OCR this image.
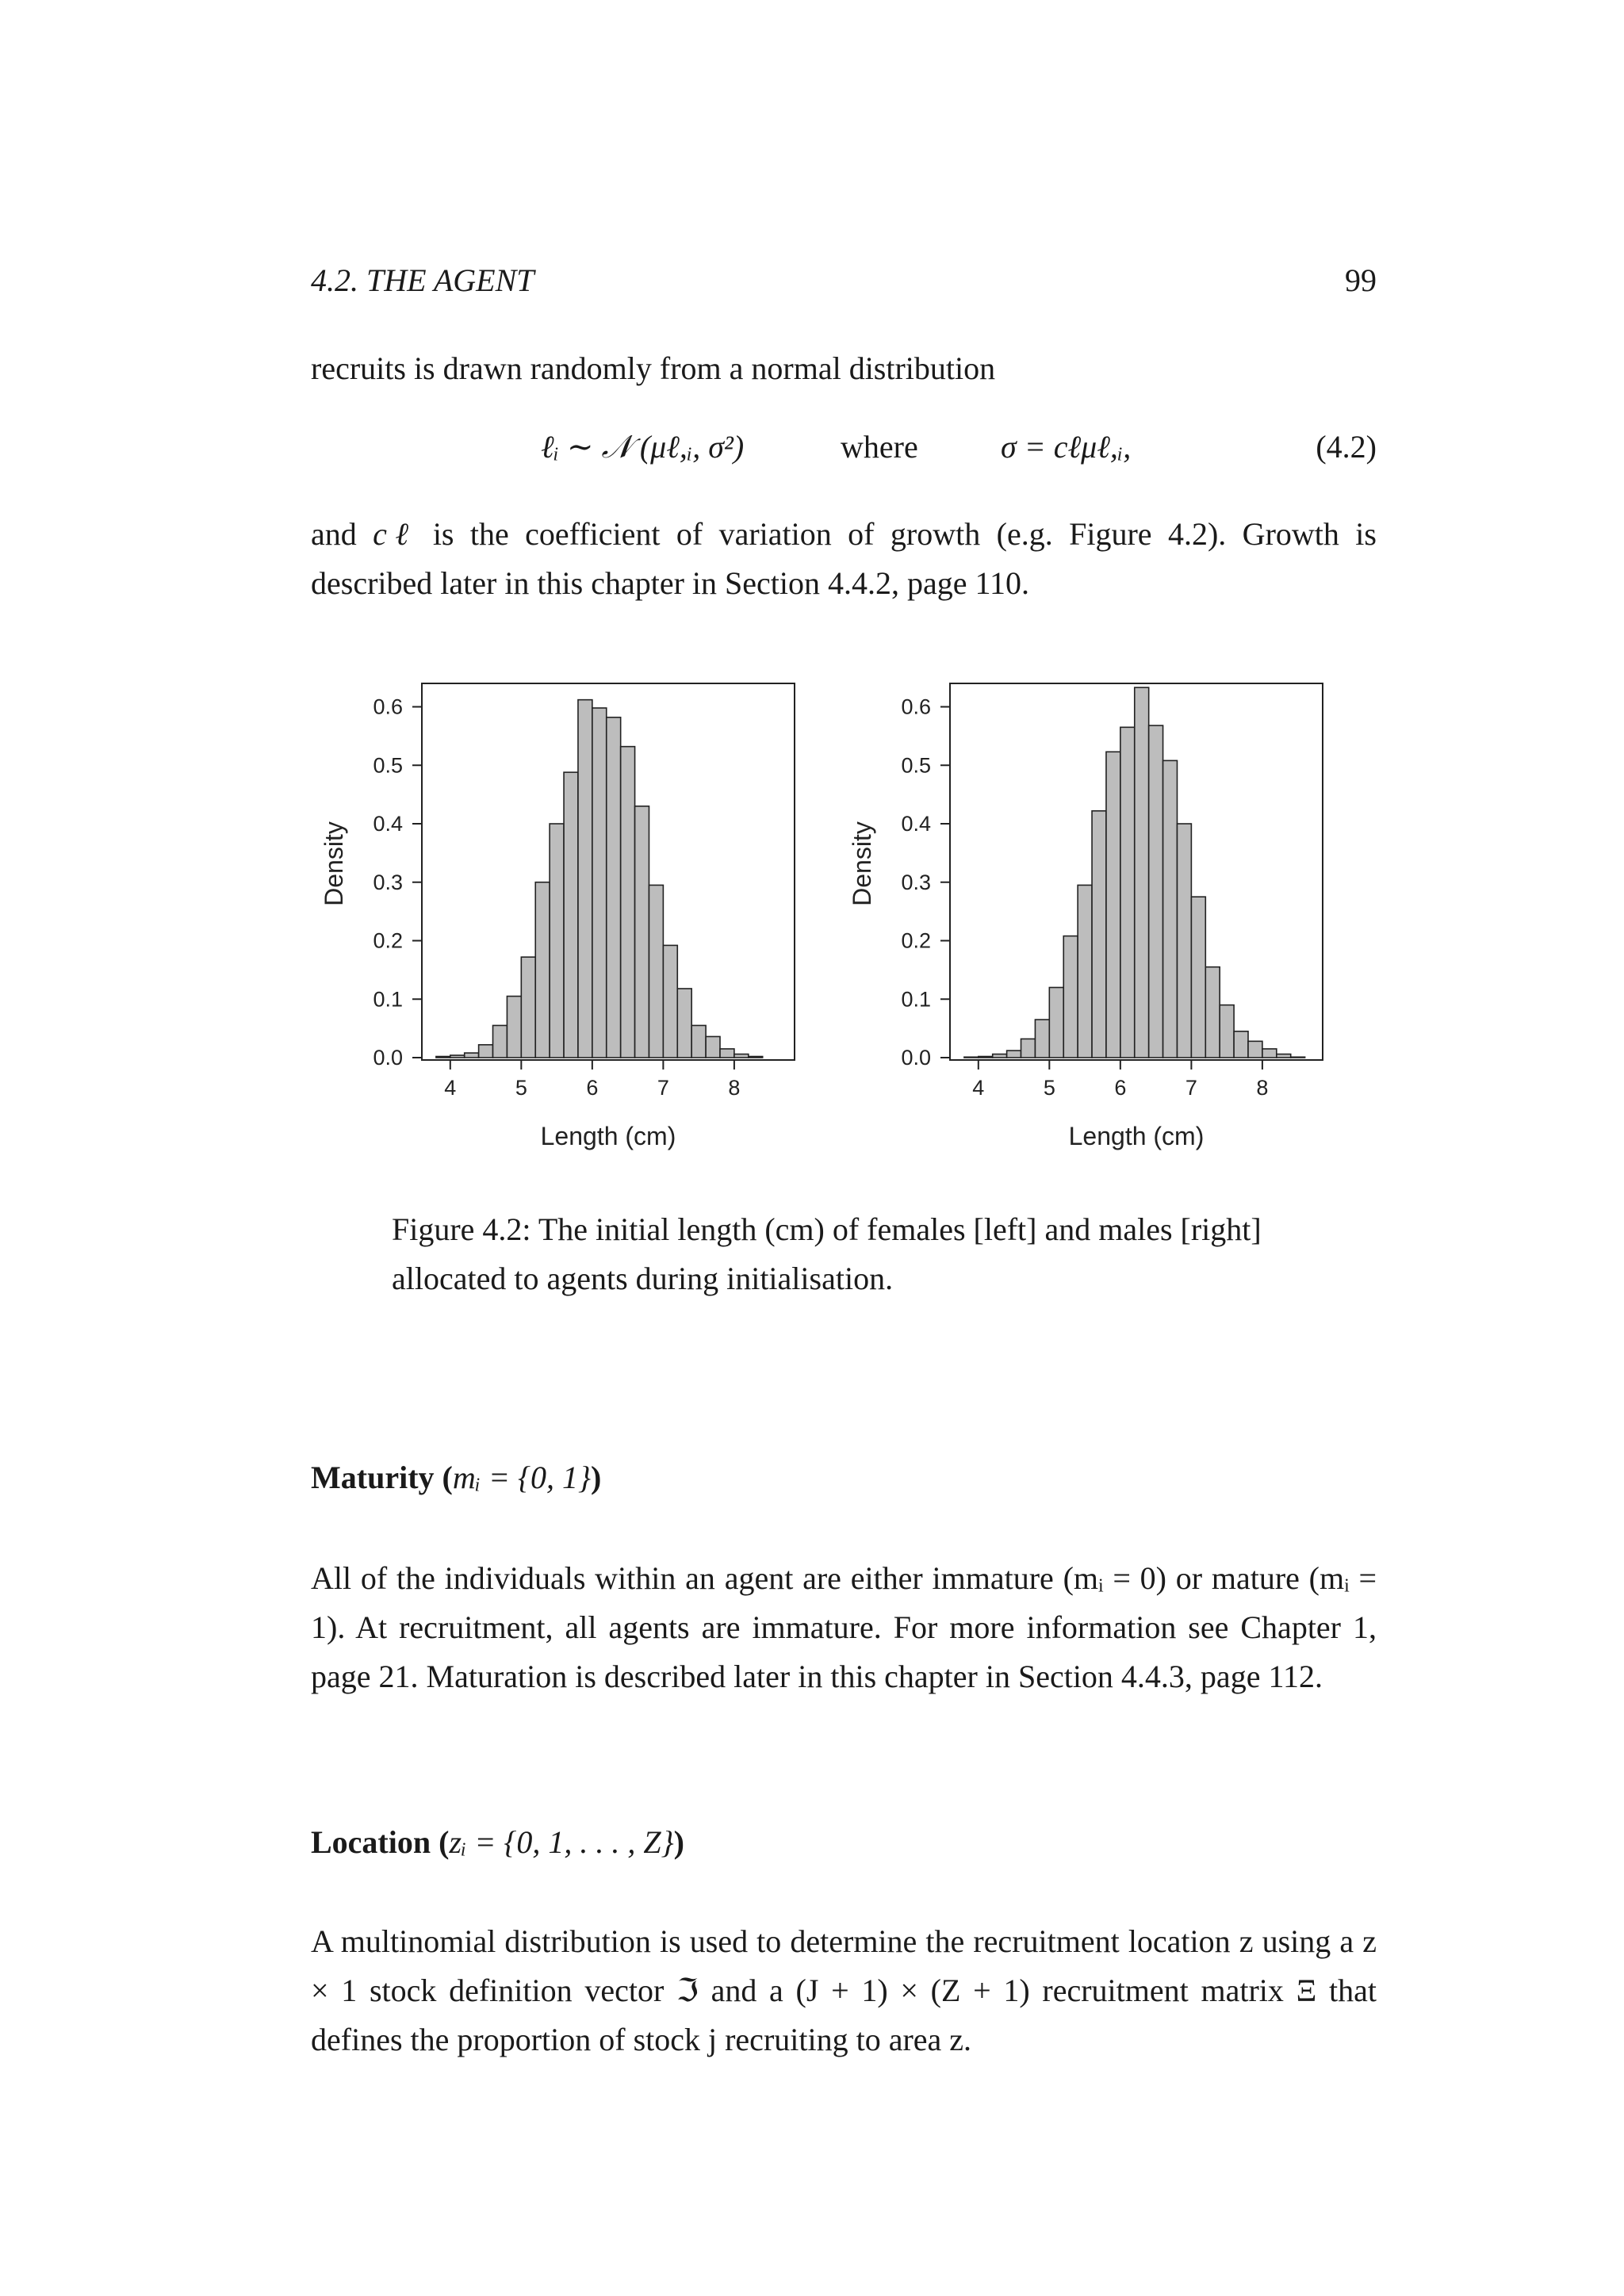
4.2. THE AGENT	99

recruits is drawn randomly from a normal distribution

ℓᵢ ∼ 𝒩 (μℓ,ᵢ, σ²)	where	σ = cℓμℓ,ᵢ,	(4.2)

and cℓ is the coefficient of variation of growth (e.g. Figure 4.2). Growth is described later in this chapter in Section 4.4.2, page 110.

0.0
0.1
0.2
0.3
0.4
0.5
0.6
4	5	6	7	8
Length (cm)
Density
0.0
0.1
0.2
0.3
0.4
0.5
0.6
4	5	6	7	8
Length (cm)
Density
Figure 4.2: The initial length (cm) of females [left] and males [right] allocated to agents during initialisation.
Maturity (mᵢ = {0, 1})

All of the individuals within an agent are either immature (mᵢ = 0) or mature (mᵢ = 1). At recruitment, all agents are immature. For more information see Chapter 1, page 21. Maturation is described later in this chapter in Section 4.4.3, page 112.

Location (zᵢ = {0, 1, . . . , Z})

A multinomial distribution is used to determine the recruitment location z using a z × 1 stock definition vector ℑ and a (J + 1) × (Z + 1) recruitment matrix Ξ that defines the proportion of stock j recruiting to area z.
